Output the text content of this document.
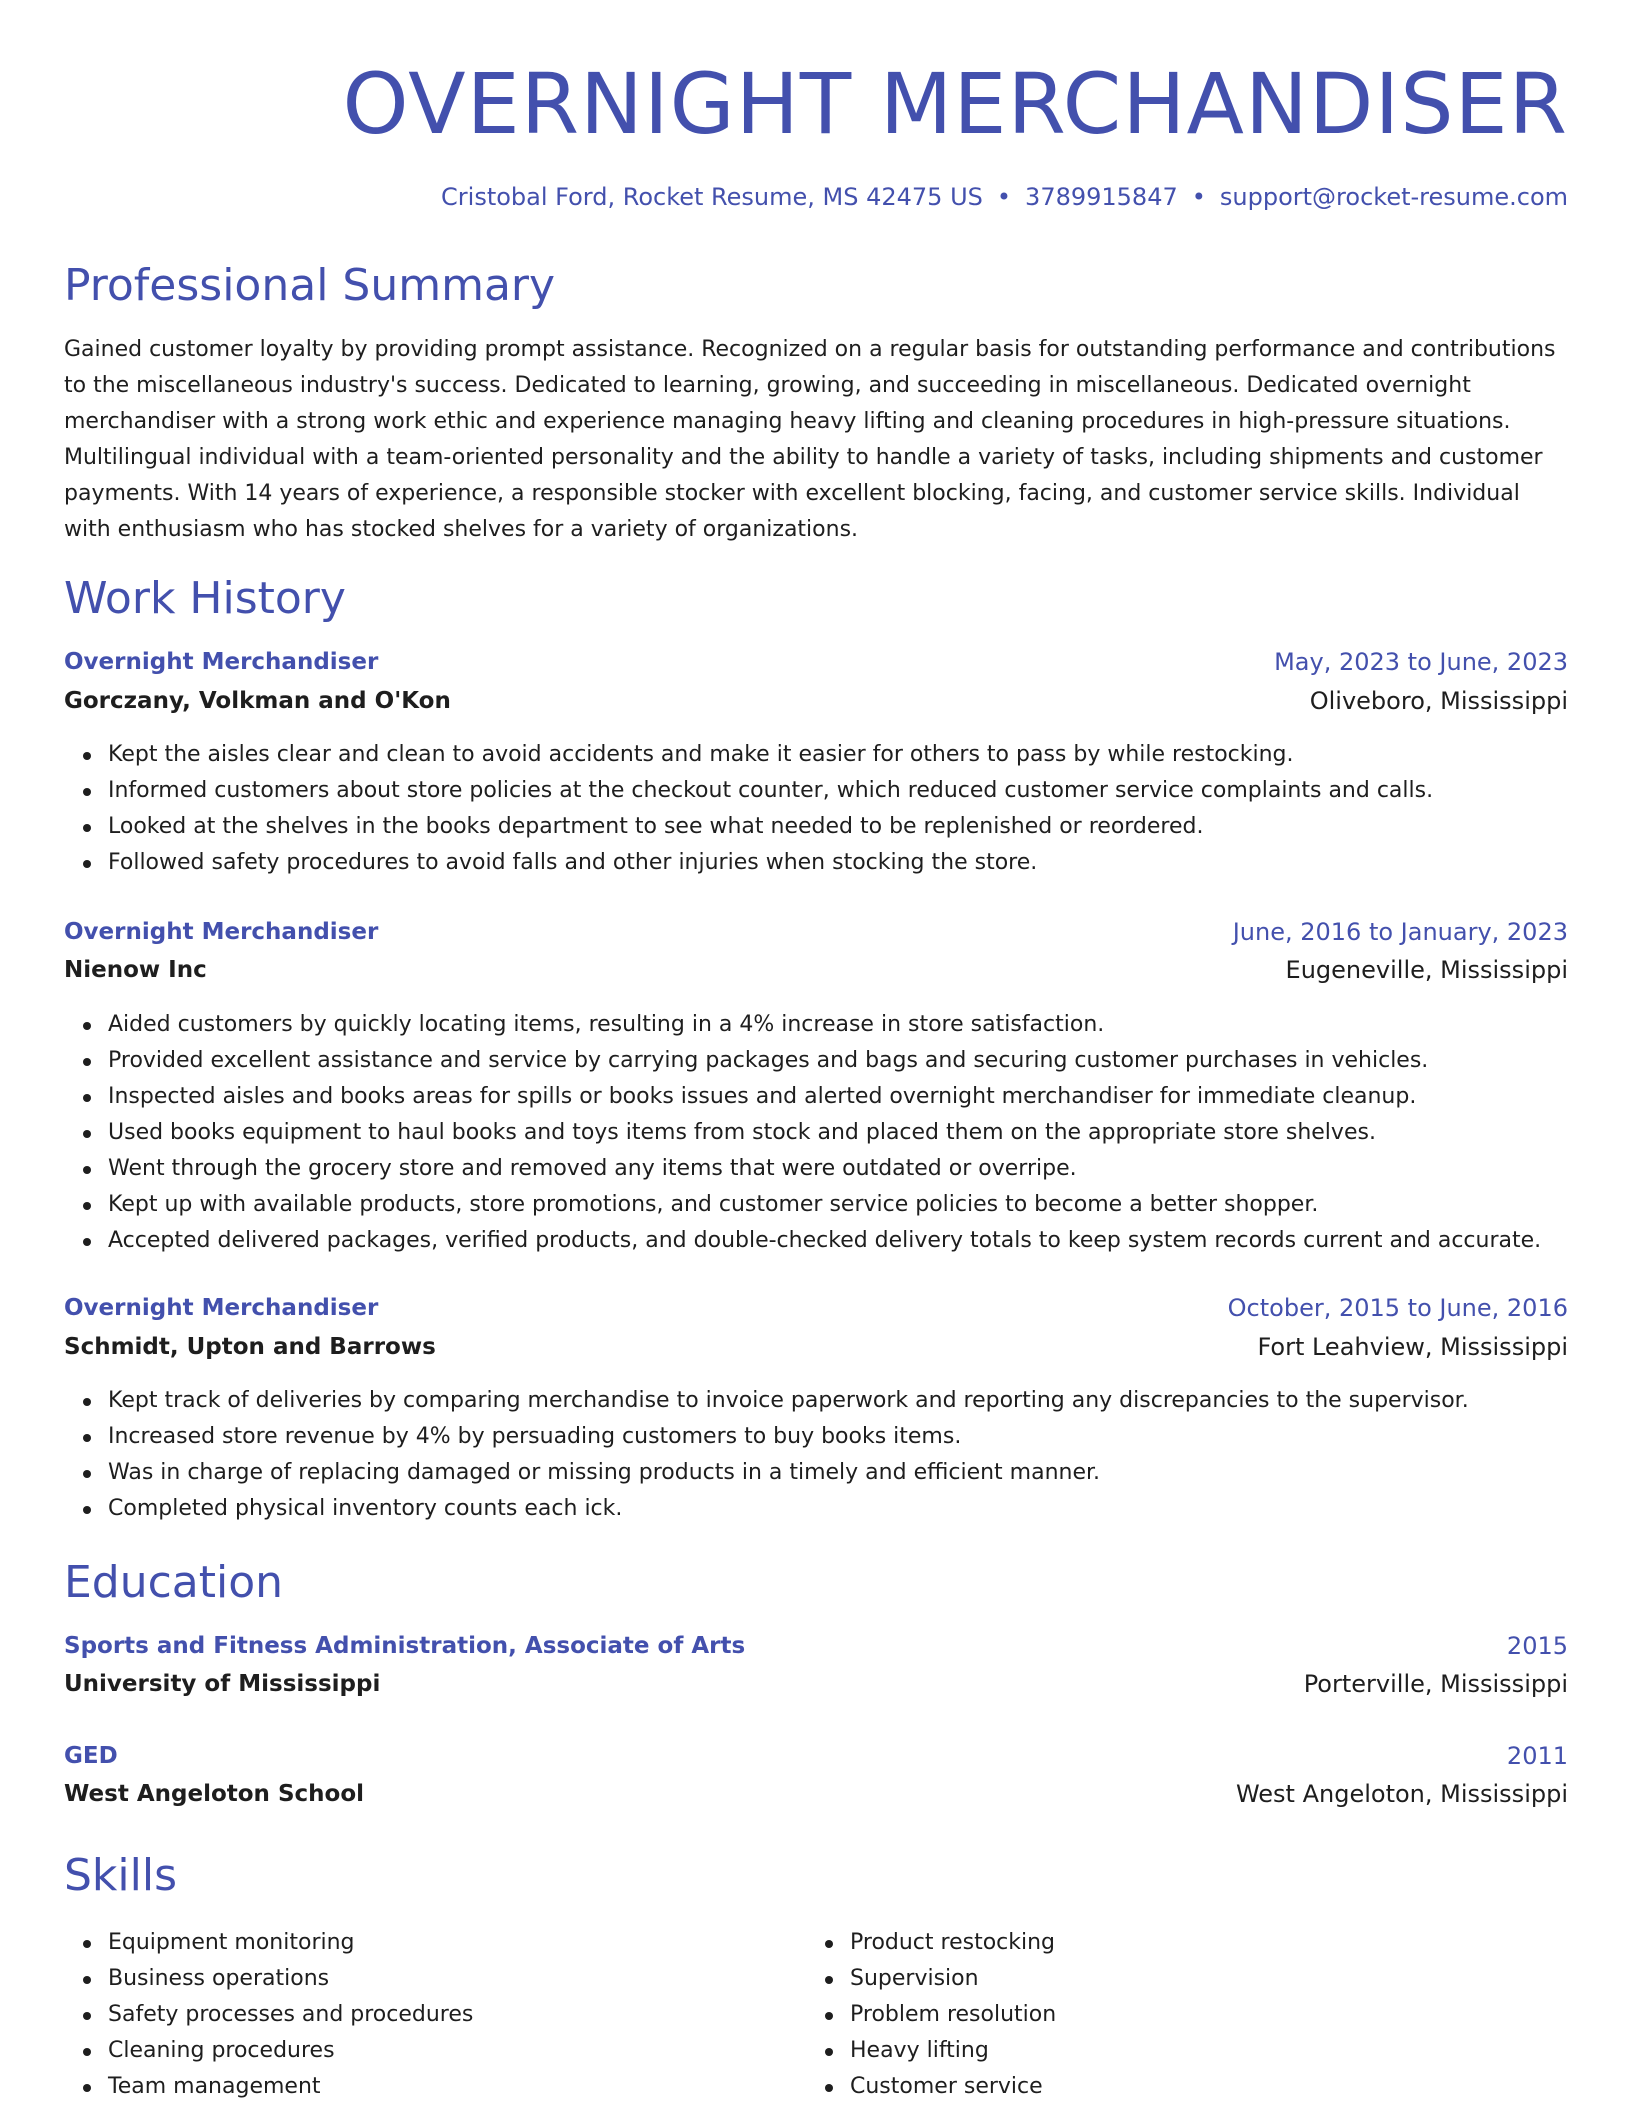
OVERNIGHT MERCHANDISER
Cristobal Ford, Rocket Resume, MS 42475 US • 3789915847 • support@rocket-resume.com
Professional Summary
Gained customer loyalty by providing prompt assistance. Recognized on a regular basis for outstanding performance and contributions to the miscellaneous industry's success. Dedicated to learning, growing, and succeeding in miscellaneous. Dedicated overnight merchandiser with a strong work ethic and experience managing heavy lifting and cleaning procedures in high-pressure situations. Multilingual individual with a team-oriented personality and the ability to handle a variety of tasks, including shipments and customer payments. With 14 years of experience, a responsible stocker with excellent blocking, facing, and customer service skills. Individual with enthusiasm who has stocked shelves for a variety of organizations.
Work History
Overnight Merchandiser	May, 2023 to June, 2023
Gorczany, Volkman and O'Kon	Oliveboro, Mississippi
Kept the aisles clear and clean to avoid accidents and make it easier for others to pass by while restocking.
Informed customers about store policies at the checkout counter, which reduced customer service complaints and calls.
Looked at the shelves in the books department to see what needed to be replenished or reordered.
Followed safety procedures to avoid falls and other injuries when stocking the store.
Overnight Merchandiser	June, 2016 to January, 2023
Nienow Inc	Eugeneville, Mississippi
Aided customers by quickly locating items, resulting in a 4% increase in store satisfaction.
Provided excellent assistance and service by carrying packages and bags and securing customer purchases in vehicles.
Inspected aisles and books areas for spills or books issues and alerted overnight merchandiser for immediate cleanup.
Used books equipment to haul books and toys items from stock and placed them on the appropriate store shelves.
Went through the grocery store and removed any items that were outdated or overripe.
Kept up with available products, store promotions, and customer service policies to become a better shopper.
Accepted delivered packages, verified products, and double-checked delivery totals to keep system records current and accurate.
Overnight Merchandiser	October, 2015 to June, 2016
Schmidt, Upton and Barrows	Fort Leahview, Mississippi
Kept track of deliveries by comparing merchandise to invoice paperwork and reporting any discrepancies to the supervisor.
Increased store revenue by 4% by persuading customers to buy books items.
Was in charge of replacing damaged or missing products in a timely and efficient manner.
Completed physical inventory counts each ick.
Education
Sports and Fitness Administration, Associate of Arts	2015
University of Mississippi	Porterville, Mississippi
GED	2011
West Angeloton School	West Angeloton, Mississippi
Skills
Equipment monitoring
Business operations
Safety processes and procedures
Cleaning procedures
Team management
Product restocking
Supervision
Problem resolution
Heavy lifting
Customer service
